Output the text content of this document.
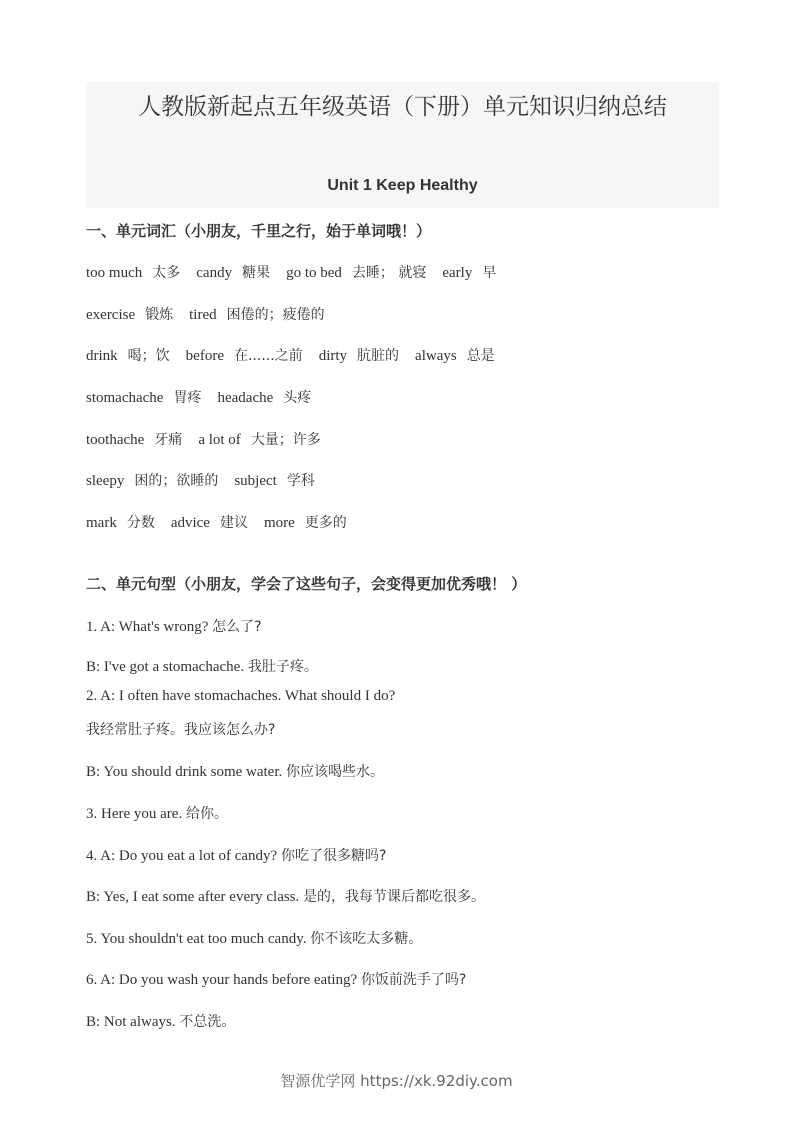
人教版新起点五年级英语（下册）单元知识归纳总结
Unit 1 Keep Healthy
一、单元词汇（小朋友，千里之行，始于单词哦！）
too much 太多 candy 糖果 go to bed 去睡； 就寝 early 早
exercise 锻炼 tired 困倦的；疲倦的
drink 喝；饮 before 在......之前 dirty 肮脏的 always 总是
stomachache 胃疼 headache 头疼
toothache 牙痛 a lot of 大量；许多
sleepy 困的；欲睡的 subject 学科
mark 分数 advice 建议 more 更多的
二、单元句型（小朋友，学会了这些句子，会变得更加优秀哦！ ）
1. A: What's wrong? 怎么了?
B: I've got a stomachache. 我肚子疼。
2. A: I often have stomachaches. What should I do?
我经常肚子疼。我应该怎么办?
B: You should drink some water. 你应该喝些水。
3. Here you are. 给你。
4. A: Do you eat a lot of candy? 你吃了很多糖吗?
B: Yes, I eat some after every class. 是的，我每节课后都吃很多。
5. You shouldn't eat too much candy. 你不该吃太多糖。
6. A: Do you wash your hands before eating? 你饭前洗手了吗?
B: Not always. 不总洗。
智源优学网 https://xk.92diy.com
